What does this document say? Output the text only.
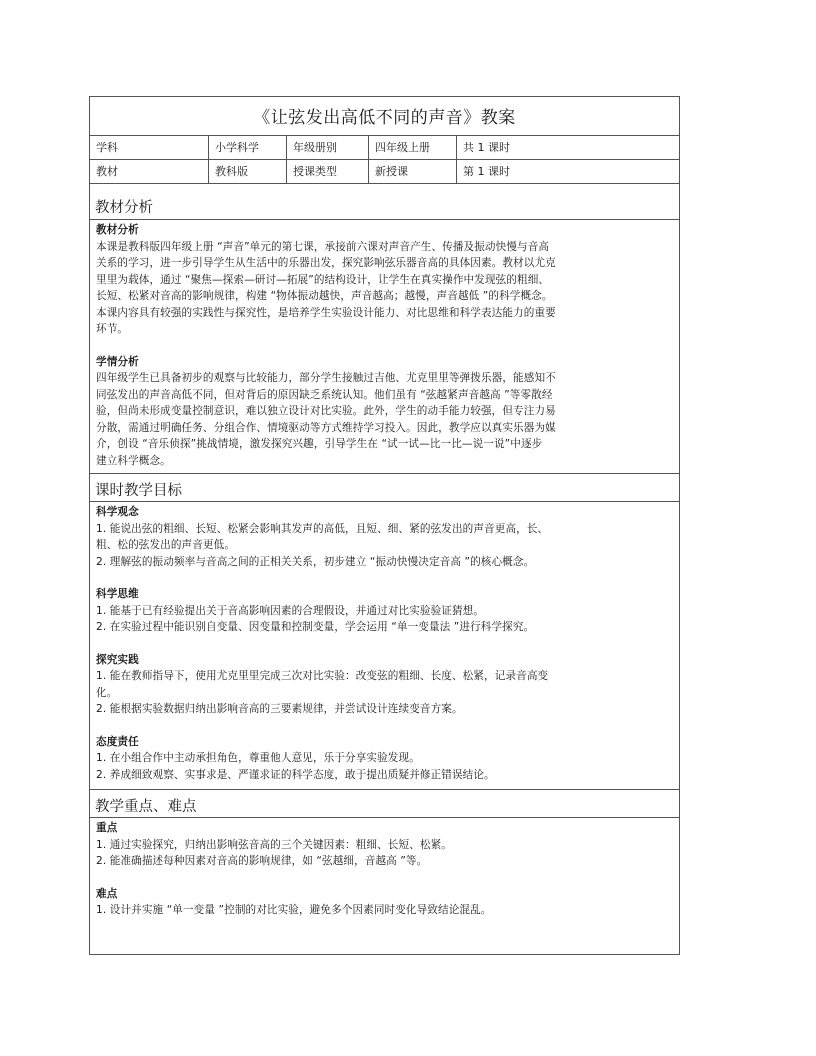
《让弦发出高低不同的声音》教案
学科	小学科学	年级册别	四年级上册	共 1 课时
教材	教科版	授课类型	新授课	第 1 课时
教材分析
教材分析
本课是教科版四年级上册 “声音”单元的第七课，承接前六课对声音产生、传播及振动快慢与音高
关系的学习，进一步引导学生从生活中的乐器出发，探究影响弦乐器音高的具体因素。教材以尤克
里里为载体，通过 “聚焦—探索—研讨—拓展”的结构设计，让学生在真实操作中发现弦的粗细、
长短、松紧对音高的影响规律，构建 “物体振动越快，声音越高；越慢，声音越低 ”的科学概念。
本课内容具有较强的实践性与探究性，是培养学生实验设计能力、对比思维和科学表达能力的重要
环节。
学情分析
四年级学生已具备初步的观察与比较能力，部分学生接触过吉他、尤克里里等弹拨乐器，能感知不
同弦发出的声音高低不同，但对背后的原因缺乏系统认知。他们虽有 “弦越紧声音越高 ”等零散经
验，但尚未形成变量控制意识，难以独立设计对比实验。此外，学生的动手能力较强，但专注力易
分散，需通过明确任务、分组合作、情境驱动等方式维持学习投入。因此，教学应以真实乐器为媒
介，创设 “音乐侦探”挑战情境，激发探究兴趣，引导学生在 “试一试—比一比—说一说”中逐步
建立科学概念。
课时教学目标
科学观念
1. 能说出弦的粗细、长短、松紧会影响其发声的高低，且短、细、紧的弦发出的声音更高，长、
粗、松的弦发出的声音更低。
2. 理解弦的振动频率与音高之间的正相关关系，初步建立 “振动快慢决定音高 ”的核心概念。
科学思维
1. 能基于已有经验提出关于音高影响因素的合理假设，并通过对比实验验证猜想。
2. 在实验过程中能识别自变量、因变量和控制变量，学会运用 “单一变量法 ”进行科学探究。
探究实践
1. 能在教师指导下，使用尤克里里完成三次对比实验：改变弦的粗细、长度、松紧，记录音高变
化。
2. 能根据实验数据归纳出影响音高的三要素规律，并尝试设计连续变音方案。
态度责任
1. 在小组合作中主动承担角色，尊重他人意见，乐于分享实验发现。
2. 养成细致观察、实事求是、严谨求证的科学态度，敢于提出质疑并修正错误结论。
教学重点、难点
重点
1. 通过实验探究，归纳出影响弦音高的三个关键因素：粗细、长短、松紧。
2. 能准确描述每种因素对音高的影响规律，如 “弦越细，音越高 ”等。
难点
1. 设计并实施 “单一变量 ”控制的对比实验，避免多个因素同时变化导致结论混乱。
